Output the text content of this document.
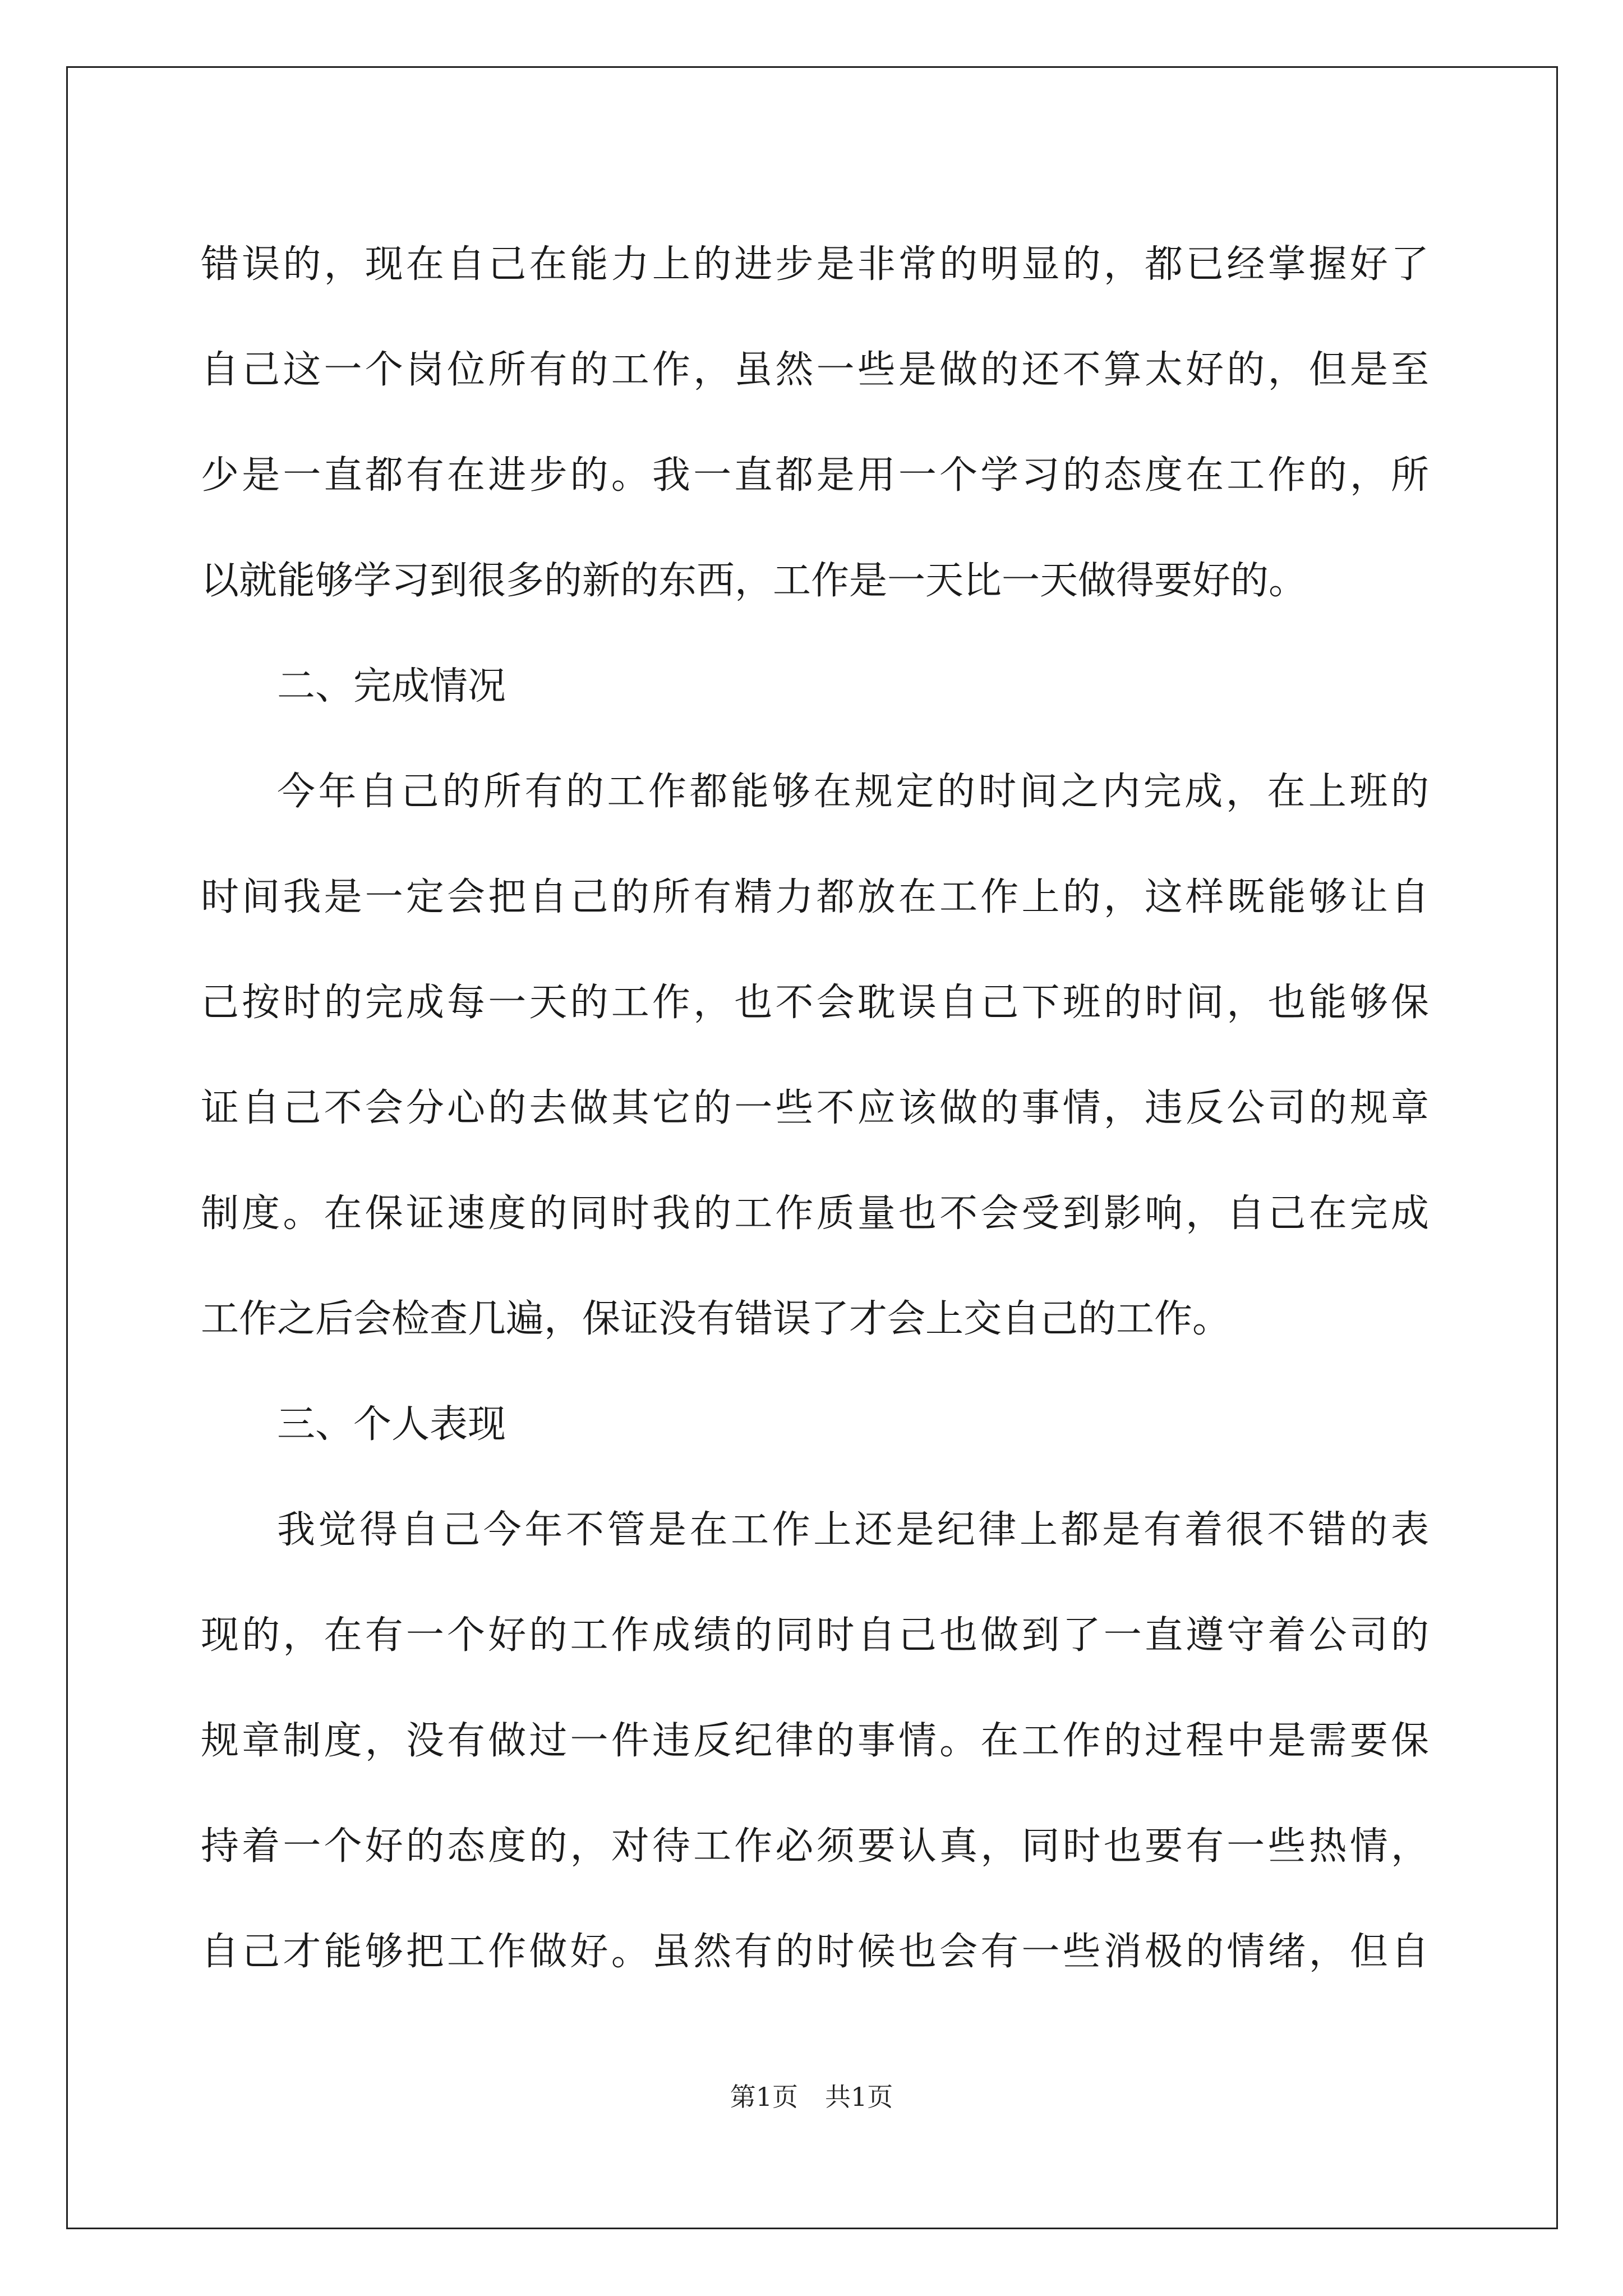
错误的，现在自己在能力上的进步是非常的明显的，都已经掌握好了
自己这一个岗位所有的工作，虽然一些是做的还不算太好的，但是至
少是一直都有在进步的。我一直都是用一个学习的态度在工作的，所
以就能够学习到很多的新的东西，工作是一天比一天做得要好的。
二、完成情况
今年自己的所有的工作都能够在规定的时间之内完成，在上班的
时间我是一定会把自己的所有精力都放在工作上的，这样既能够让自
己按时的完成每一天的工作，也不会耽误自己下班的时间，也能够保
证自己不会分心的去做其它的一些不应该做的事情，违反公司的规章
制度。在保证速度的同时我的工作质量也不会受到影响，自己在完成
工作之后会检查几遍，保证没有错误了才会上交自己的工作。
三、个人表现
我觉得自己今年不管是在工作上还是纪律上都是有着很不错的表
现的，在有一个好的工作成绩的同时自己也做到了一直遵守着公司的
规章制度，没有做过一件违反纪律的事情。在工作的过程中是需要保
持着一个好的态度的，对待工作必须要认真，同时也要有一些热情，
自己才能够把工作做好。虽然有的时候也会有一些消极的情绪，但自
第1页 共1页
